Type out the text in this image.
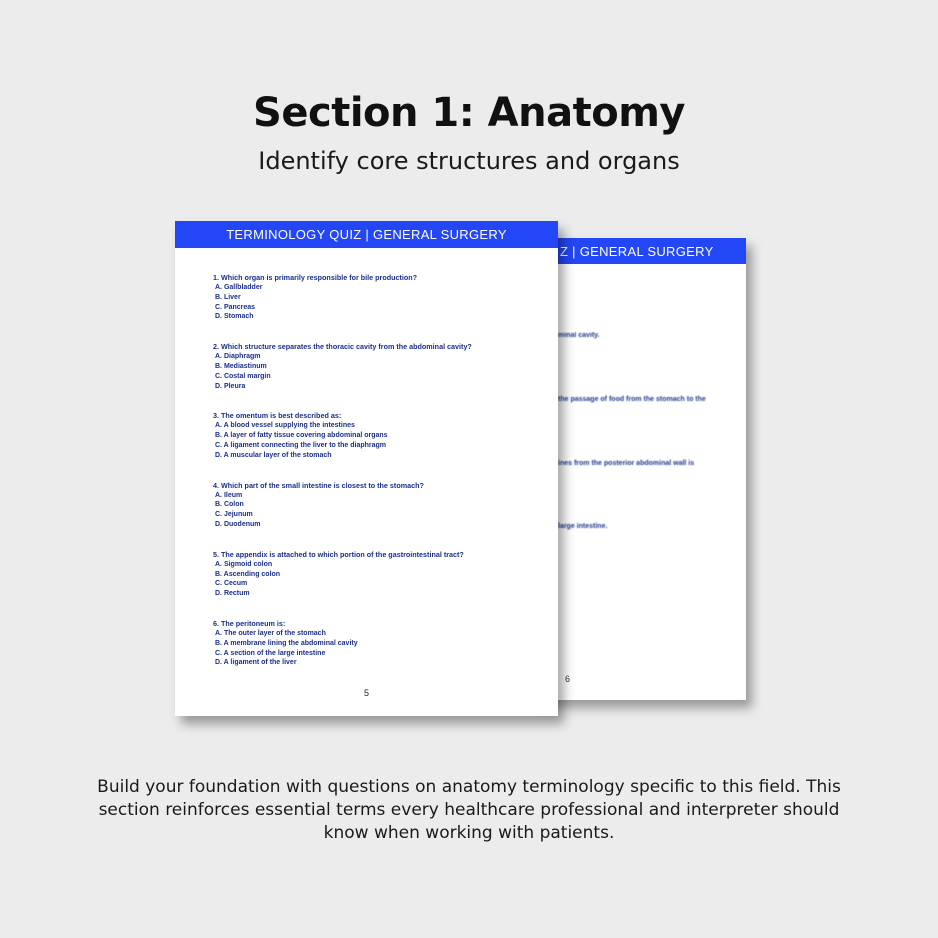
Section 1: Anatomy
Identify core structures and organs
Z | GENERAL SURGERY
minal cavity.
the passage of food from the stomach to the
ines from the posterior abdominal wall is
large intestine.
6
TERMINOLOGY QUIZ | GENERAL SURGERY
1. Which organ is primarily responsible for bile production?
A. Gallbladder
B. Liver
C. Pancreas
D. Stomach
2. Which structure separates the thoracic cavity from the abdominal cavity?
A. Diaphragm
B. Mediastinum
C. Costal margin
D. Pleura
3. The omentum is best described as:
A. A blood vessel supplying the intestines
B. A layer of fatty tissue covering abdominal organs
C. A ligament connecting the liver to the diaphragm
D. A muscular layer of the stomach
4. Which part of the small intestine is closest to the stomach?
A. Ileum
B. Colon
C. Jejunum
D. Duodenum
5. The appendix is attached to which portion of the gastrointestinal tract?
A. Sigmoid colon
B. Ascending colon
C. Cecum
D. Rectum
6. The peritoneum is:
A. The outer layer of the stomach
B. A membrane lining the abdominal cavity
C. A section of the large intestine
D. A ligament of the liver
5
Build your foundation with questions on anatomy terminology specific to this field. This section reinforces essential terms every healthcare professional and interpreter should know when working with patients.
